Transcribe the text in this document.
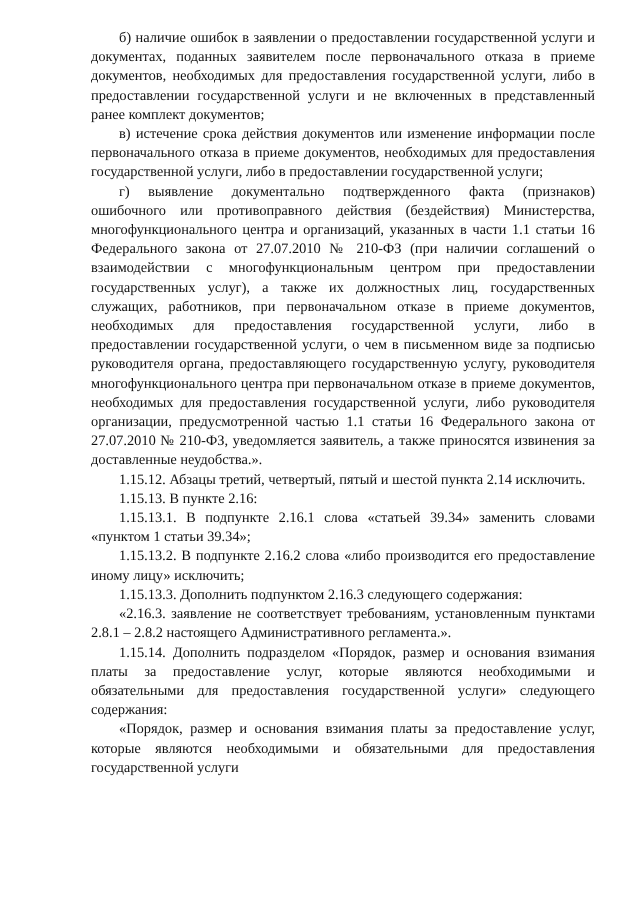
б) наличие ошибок в заявлении о предоставлении государственной услуги и документах, поданных заявителем после первоначального отказа в приеме документов, необходимых для предоставления государственной услуги, либо в предоставлении государственной услуги и не включенных в представленный ранее комплект документов;

в) истечение срока действия документов или изменение информации после первоначального отказа в приеме документов, необходимых для предоставления государственной услуги, либо в предоставлении государственной услуги;

г) выявление документально подтвержденного факта (признаков) ошибочного или противоправного действия (бездействия) Министерства, многофункционального центра и организаций, указанных в части 1.1 статьи 16 Федерального закона от 27.07.2010 № 210-ФЗ (при наличии соглашений о взаимодействии с многофункциональным центром при предоставлении государственных услуг), а также их должностных лиц, государственных служащих, работников, при первоначальном отказе в приеме документов, необходимых для предоставления государственной услуги, либо в предоставлении государственной услуги, о чем в письменном виде за подписью руководителя органа, предоставляющего государственную услугу, руководителя многофункционального центра при первоначальном отказе в приеме документов, необходимых для предоставления государственной услуги, либо руководителя организации, предусмотренной частью 1.1 статьи 16 Федерального закона от 27.07.2010 № 210-ФЗ, уведомляется заявитель, а также приносятся извинения за доставленные неудобства.».

1.15.12. Абзацы третий, четвертый, пятый и шестой пункта 2.14 исключить.

1.15.13. В пункте 2.16:

1.15.13.1. В подпункте 2.16.1 слова «статьей 39.34» заменить словами «пунктом 1 статьи 39.34»;

1.15.13.2. В подпункте 2.16.2 слова «либо производится его предоставление иному лицу» исключить;

1.15.13.3. Дополнить подпунктом 2.16.3 следующего содержания:

«2.16.3. заявление не соответствует требованиям, установленным пунктами 2.8.1 – 2.8.2 настоящего Административного регламента.».

1.15.14. Дополнить подразделом «Порядок, размер и основания взимания платы за предоставление услуг, которые являются необходимыми и обязательными для предоставления государственной услуги» следующего содержания:

«Порядок, размер и основания взимания платы за предоставление услуг, которые являются необходимыми и обязательными для предоставления государственной услуги
